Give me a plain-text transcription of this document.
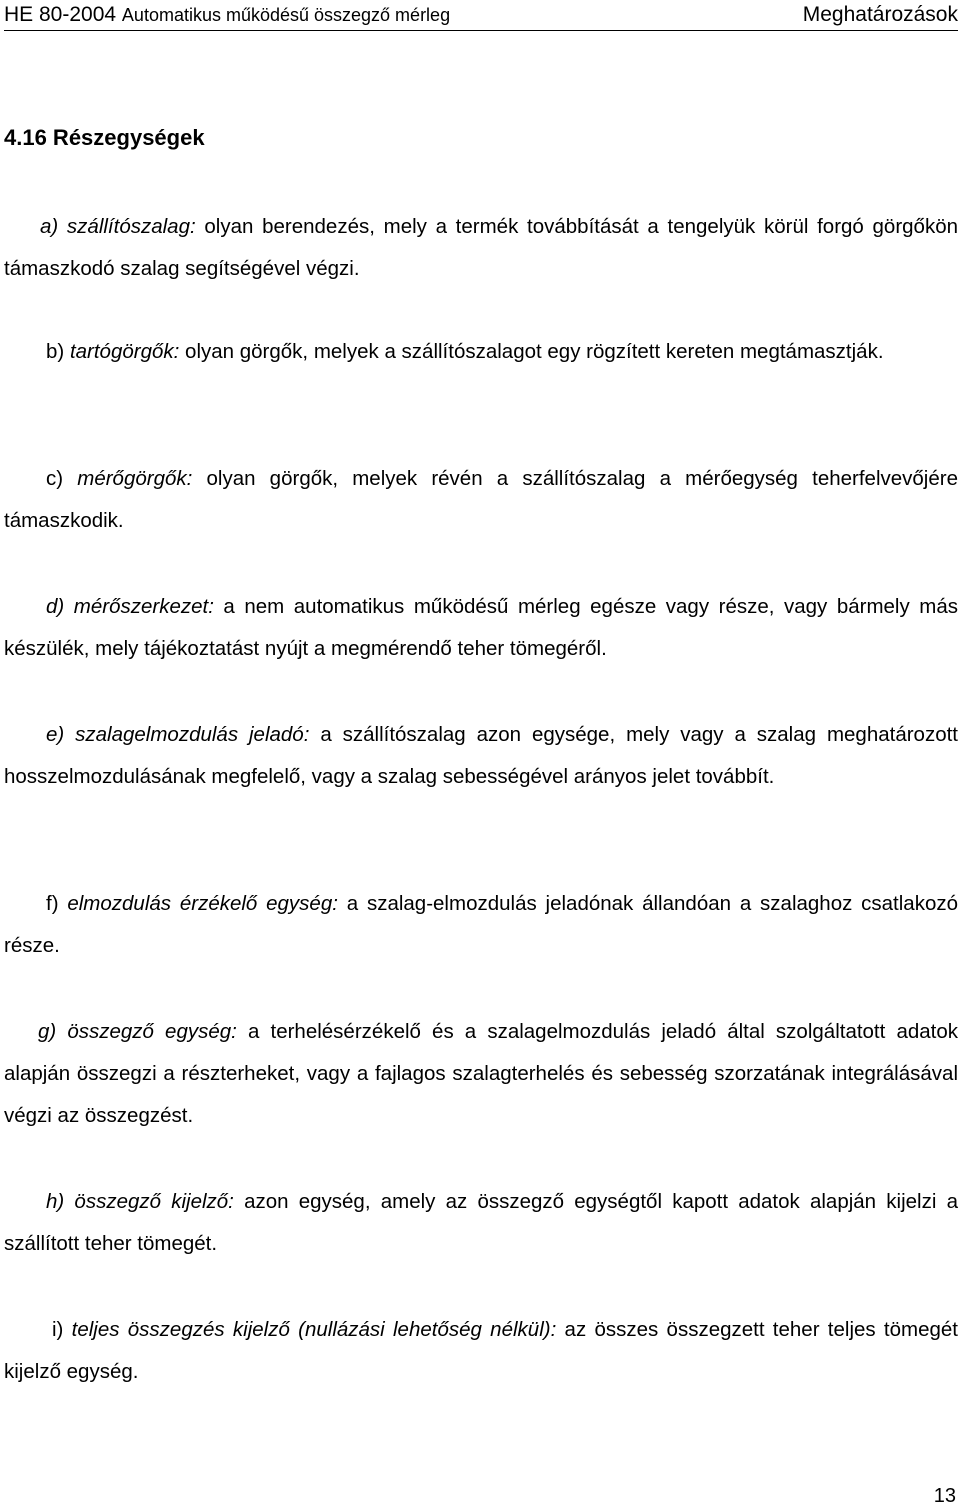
HE 80-2004 Automatikus működésű összegző mérleg	Meghatározások
4.16 Részegységek

a) szállítószalag: olyan berendezés, mely a termék továbbítását a tengelyük körül forgó görgőkön támaszkodó szalag segítségével végzi.

b) tartógörgők: olyan görgők, melyek a szállítószalagot egy rögzített kereten megtámasztják.

c) mérőgörgők: olyan görgők, melyek révén a szállítószalag a mérőegység teherfelvevőjére támaszkodik.

d) mérőszerkezet: a nem automatikus működésű mérleg egésze vagy része, vagy bármely más készülék, mely tájékoztatást nyújt a megmérendő teher tömegéről.

e) szalagelmozdulás jeladó: a szállítószalag azon egysége, mely vagy a szalag meghatározott hosszelmozdulásának megfelelő, vagy a szalag sebességével arányos jelet továbbít.

f) elmozdulás érzékelő egység: a szalag-elmozdulás jeladónak állandóan a szalaghoz csatlakozó része.

g) összegző egység: a terhelésérzékelő és a szalagelmozdulás jeladó által szolgáltatott adatok alapján összegzi a részterheket, vagy a fajlagos szalagterhelés és sebesség szorzatának integrálásával végzi az összegzést.

h) összegző kijelző: azon egység, amely az összegző egységtől kapott adatok alapján kijelzi a szállított teher tömegét.

i) teljes összegzés kijelző (nullázási lehetőség nélkül): az összes összegzett teher teljes tömegét kijelző egység.

13
